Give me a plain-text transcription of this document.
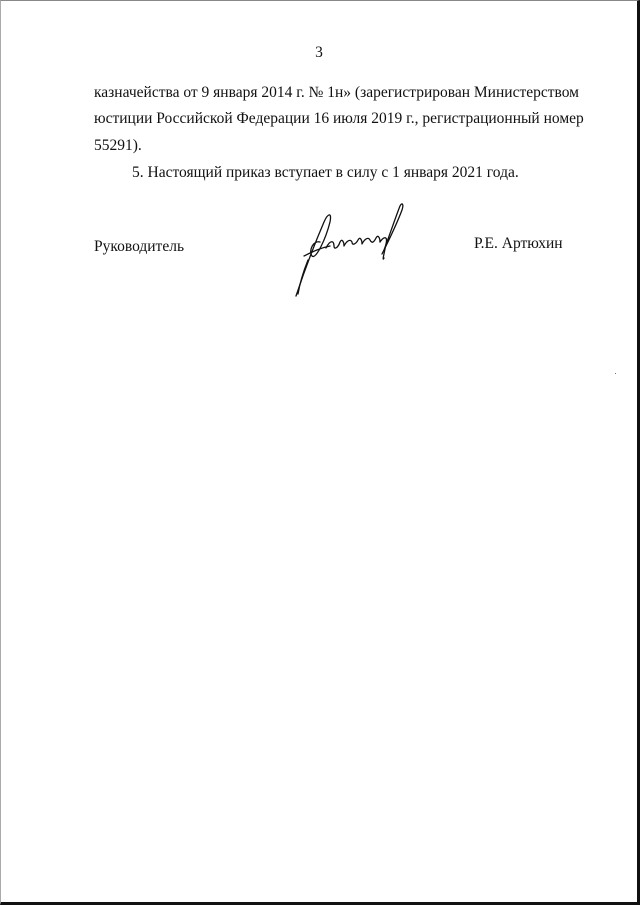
3
казначейства от 9 января 2014 г. № 1н» (зарегистрирован Министерством
юстиции Российской Федерации 16 июля 2019 г., регистрационный номер
55291).
5. Настоящий приказ вступает в силу с 1 января 2021 года.
Руководитель	Р.Е. Артюхин
